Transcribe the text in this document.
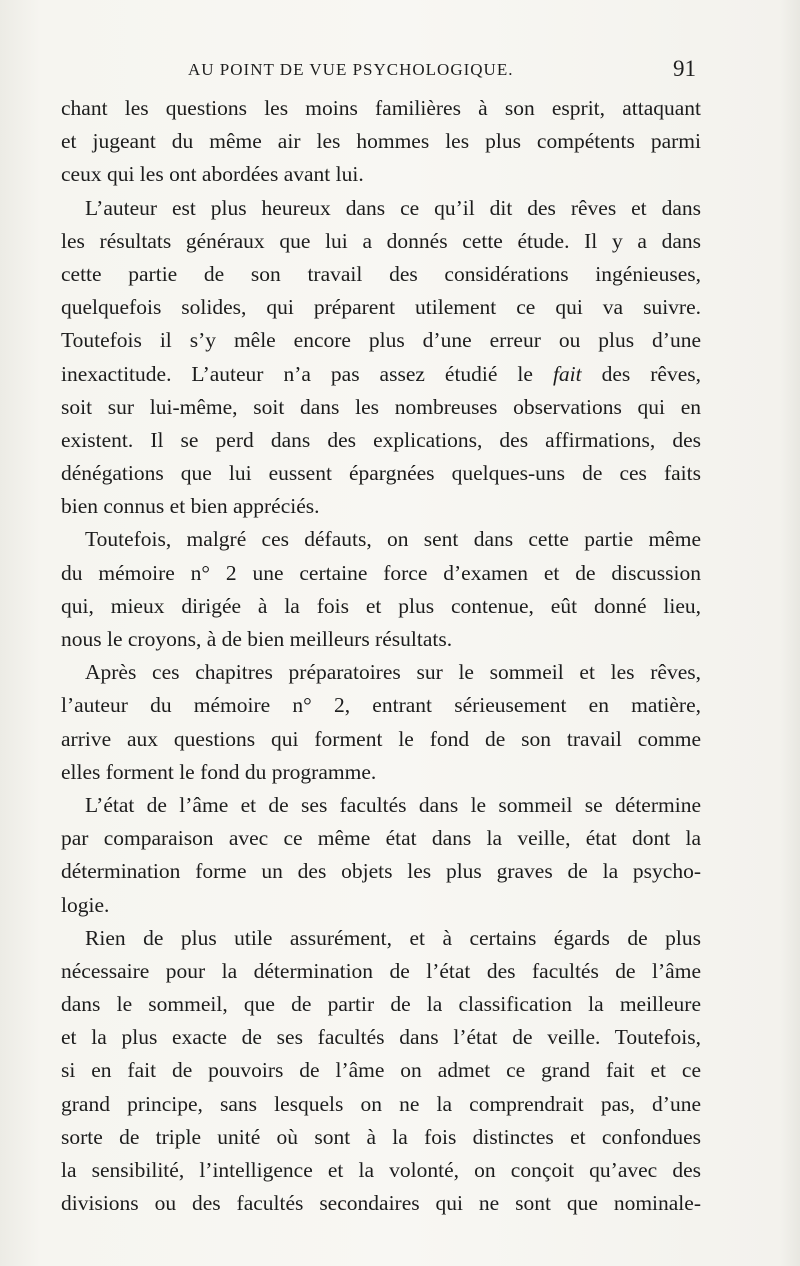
AU POINT DE VUE PSYCHOLOGIQUE.	91
chant les questions les moins familières à son esprit, attaquant
et jugeant du même air les hommes les plus compétents parmi
ceux qui les ont abordées avant lui.
L’auteur est plus heureux dans ce qu’il dit des rêves et dans
les résultats généraux que lui a donnés cette étude. Il y a dans
cette partie de son travail des considérations ingénieuses,
quelquefois solides, qui préparent utilement ce qui va suivre.
Toutefois il s’y mêle encore plus d’une erreur ou plus d’une
inexactitude. L’auteur n’a pas assez étudié le fait des rêves,
soit sur lui-même, soit dans les nombreuses observations qui en
existent. Il se perd dans des explications, des affirmations, des
dénégations que lui eussent épargnées quelques-uns de ces faits
bien connus et bien appréciés.
Toutefois, malgré ces défauts, on sent dans cette partie même
du mémoire n° 2 une certaine force d’examen et de discussion
qui, mieux dirigée à la fois et plus contenue, eût donné lieu,
nous le croyons, à de bien meilleurs résultats.
Après ces chapitres préparatoires sur le sommeil et les rêves,
l’auteur du mémoire n° 2, entrant sérieusement en matière,
arrive aux questions qui forment le fond de son travail comme
elles forment le fond du programme.
L’état de l’âme et de ses facultés dans le sommeil se détermine
par comparaison avec ce même état dans la veille, état dont la
détermination forme un des objets les plus graves de la psycho-
logie.
Rien de plus utile assurément, et à certains égards de plus
nécessaire pour la détermination de l’état des facultés de l’âme
dans le sommeil, que de partir de la classification la meilleure
et la plus exacte de ses facultés dans l’état de veille. Toutefois,
si en fait de pouvoirs de l’âme on admet ce grand fait et ce
grand principe, sans lesquels on ne la comprendrait pas, d’une
sorte de triple unité où sont à la fois distinctes et confondues
la sensibilité, l’intelligence et la volonté, on conçoit qu’avec des
divisions ou des facultés secondaires qui ne sont que nominale-
